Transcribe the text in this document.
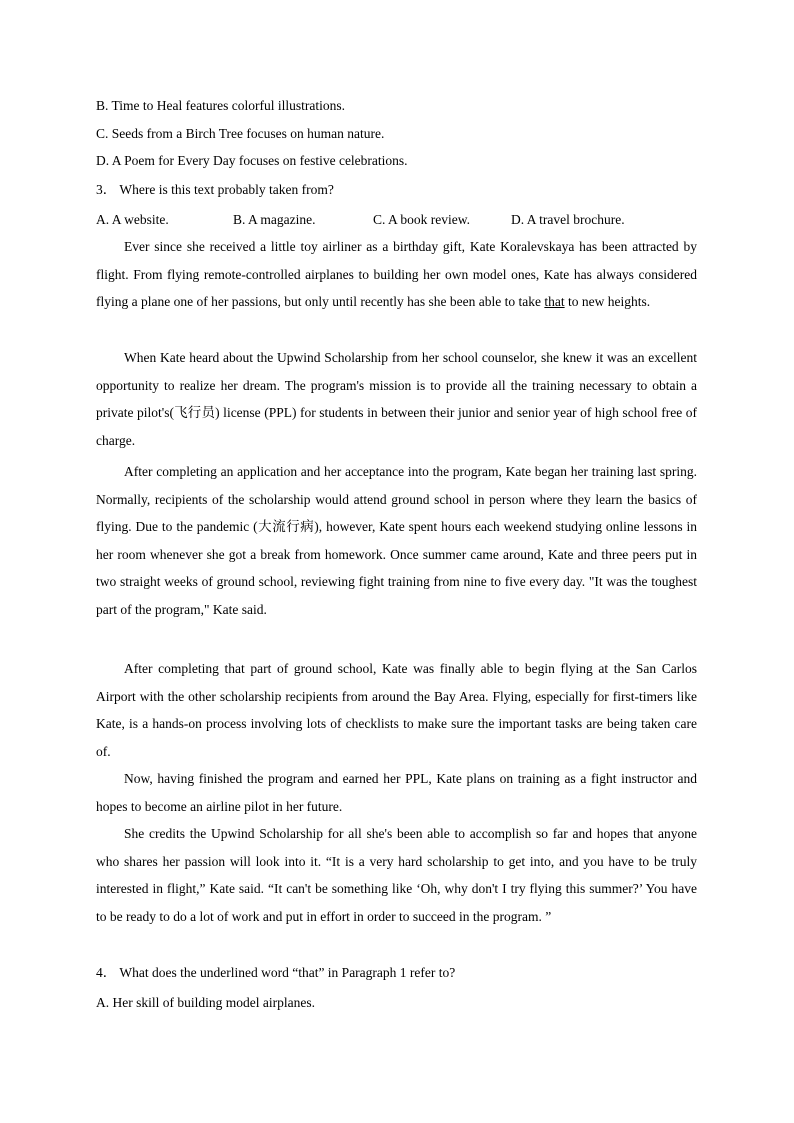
B. Time to Heal features colorful illustrations.
C. Seeds from a Birch Tree focuses on human nature.
D. A Poem for Every Day focuses on festive celebrations.
3． Where is this text probably taken from?
A. A website.	B. A magazine.	C. A book review.	D. A travel brochure.

Ever since she received a little toy airliner as a birthday gift, Kate Koralevskaya has been attracted by flight. From flying remote-controlled airplanes to building her own model ones, Kate has always considered flying a plane one of her passions, but only until recently has she been able to take that to new heights.

When Kate heard about the Upwind Scholarship from her school counselor, she knew it was an excellent opportunity to realize her dream. The program's mission is to provide all the training necessary to obtain a private pilot's(飞行员) license (PPL) for students in between their junior and senior year of high school free of charge.

After completing an application and her acceptance into the program, Kate began her training last spring. Normally, recipients of the scholarship would attend ground school in person where they learn the basics of flying. Due to the pandemic (大流行病), however, Kate spent hours each weekend studying online lessons in her room whenever she got a break from homework. Once summer came around, Kate and three peers put in two straight weeks of ground school, reviewing fight training from nine to five every day. "It was the toughest part of the program," Kate said.

After completing that part of ground school, Kate was finally able to begin flying at the San Carlos Airport with the other scholarship recipients from around the Bay Area. Flying, especially for first-timers like Kate, is a hands-on process involving lots of checklists to make sure the important tasks are being taken care of.

Now, having finished the program and earned her PPL, Kate plans on training as a fight instructor and hopes to become an airline pilot in her future.

She credits the Upwind Scholarship for all she's been able to accomplish so far and hopes that anyone who shares her passion will look into it. “It is a very hard scholarship to get into, and you have to be truly interested in flight,” Kate said. “It can't be something like ‘Oh, why don't I try flying this summer?’ You have to be ready to do a lot of work and put in effort in order to succeed in the program. ”

4． What does the underlined word “that” in Paragraph 1 refer to?
A. Her skill of building model airplanes.
